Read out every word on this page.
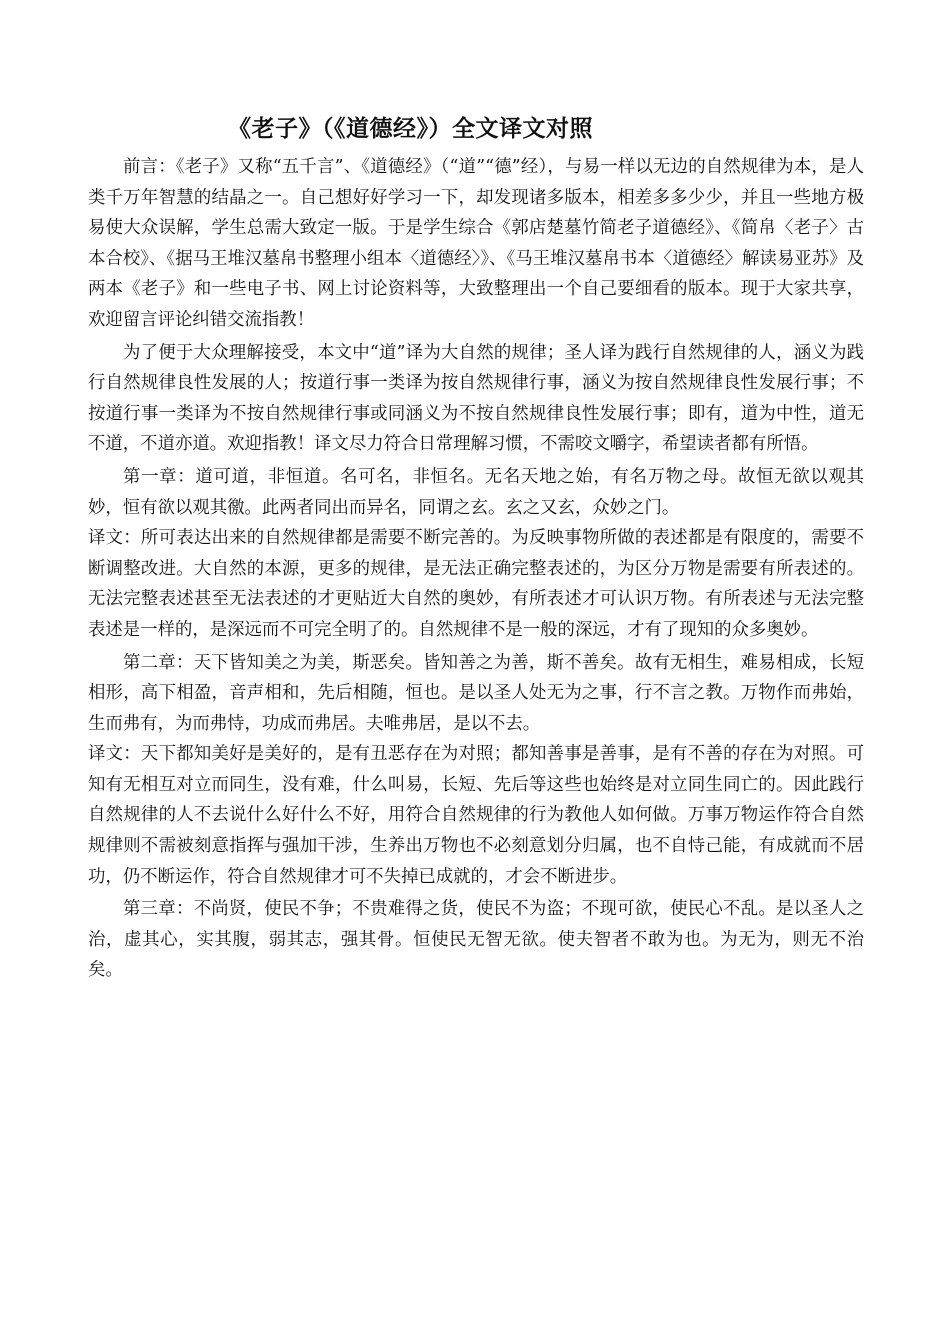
《老子》（《道德经》）全文译文对照

前言：《老子》又称“五千言”、《道德经》（“道”“德”经），与易一样以无边的自然规律为本，是人类千万年智慧的结晶之一。自己想好好学习一下，却发现诸多版本，相差多多少少，并且一些地方极易使大众误解，学生总需大致定一版。于是学生综合《郭店楚墓竹简老子道德经》、《简帛〈老子〉古本合校》、《据马王堆汉墓帛书整理小组本〈道德经〉》、《马王堆汉墓帛书本〈道德经〉解读易亚苏》及两本《老子》和一些电子书、网上讨论资料等，大致整理出一个自己要细看的版本。现于大家共享，欢迎留言评论纠错交流指教！

为了便于大众理解接受，本文中“道”译为大自然的规律；圣人译为践行自然规律的人，涵义为践行自然规律良性发展的人；按道行事一类译为按自然规律行事，涵义为按自然规律良性发展行事；不按道行事一类译为不按自然规律行事或同涵义为不按自然规律良性发展行事；即有，道为中性，道无不道，不道亦道。欢迎指教！译文尽力符合日常理解习惯，不需咬文嚼字，希望读者都有所悟。

第一章：道可道，非恒道。名可名，非恒名。无名天地之始，有名万物之母。故恒无欲以观其妙，恒有欲以观其徼。此两者同出而异名，同谓之玄。玄之又玄，众妙之门。

译文：所可表达出来的自然规律都是需要不断完善的。为反映事物所做的表述都是有限度的，需要不断调整改进。大自然的本源，更多的规律，是无法正确完整表述的，为区分万物是需要有所表述的。无法完整表述甚至无法表述的才更贴近大自然的奥妙，有所表述才可认识万物。有所表述与无法完整表述是一样的，是深远而不可完全明了的。自然规律不是一般的深远，才有了现知的众多奥妙。

第二章：天下皆知美之为美，斯恶矣。皆知善之为善，斯不善矣。故有无相生，难易相成，长短相形，高下相盈，音声相和，先后相随，恒也。是以圣人处无为之事，行不言之教。万物作而弗始，生而弗有，为而弗恃，功成而弗居。夫唯弗居，是以不去。

译文：天下都知美好是美好的，是有丑恶存在为对照；都知善事是善事，是有不善的存在为对照。可知有无相互对立而同生，没有难，什么叫易，长短、先后等这些也始终是对立同生同亡的。因此践行自然规律的人不去说什么好什么不好，用符合自然规律的行为教他人如何做。万事万物运作符合自然规律则不需被刻意指挥与强加干涉，生养出万物也不必刻意划分归属，也不自恃己能，有成就而不居功，仍不断运作，符合自然规律才可不失掉已成就的，才会不断进步。

第三章：不尚贤，使民不争；不贵难得之货，使民不为盗；不现可欲，使民心不乱。是以圣人之治，虚其心，实其腹，弱其志，强其骨。恒使民无智无欲。使夫智者不敢为也。为无为，则无不治矣。
